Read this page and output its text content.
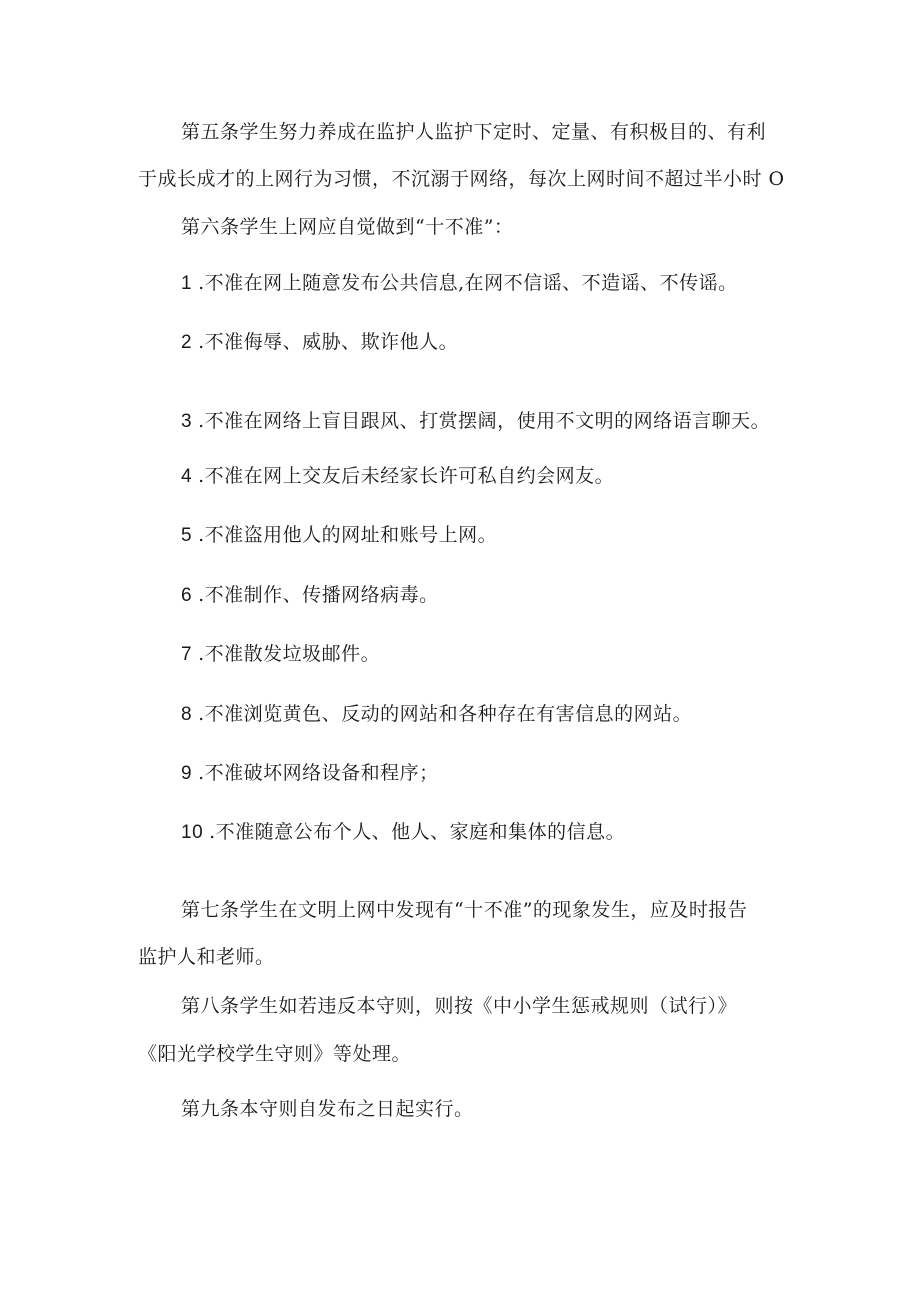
第五条学生努力养成在监护人监护下定时、定量、有积极目的、有利
于成长成才的上网行为习惯，不沉溺于网络，每次上网时间不超过半小时 O
第六条学生上网应自觉做到“十不准”：
1 .不准在网上随意发布公共信息,在网不信谣、不造谣、不传谣。
2 .不准侮辱、威胁、欺诈他人。
3 .不准在网络上盲目跟风、打赏摆阔，使用不文明的网络语言聊天。
4 .不准在网上交友后未经家长许可私自约会网友。
5 .不准盗用他人的网址和账号上网。
6 .不准制作、传播网络病毒。
7 .不准散发垃圾邮件。
8 .不准浏览黄色、反动的网站和各种存在有害信息的网站。
9 .不准破坏网络设备和程序；
10 .不准随意公布个人、他人、家庭和集体的信息。
第七条学生在文明上网中发现有“十不准”的现象发生，应及时报告
监护人和老师。
第八条学生如若违反本守则，则按《中小学生惩戒规则（试行）》
《阳光学校学生守则》等处理。
第九条本守则自发布之日起实行。
